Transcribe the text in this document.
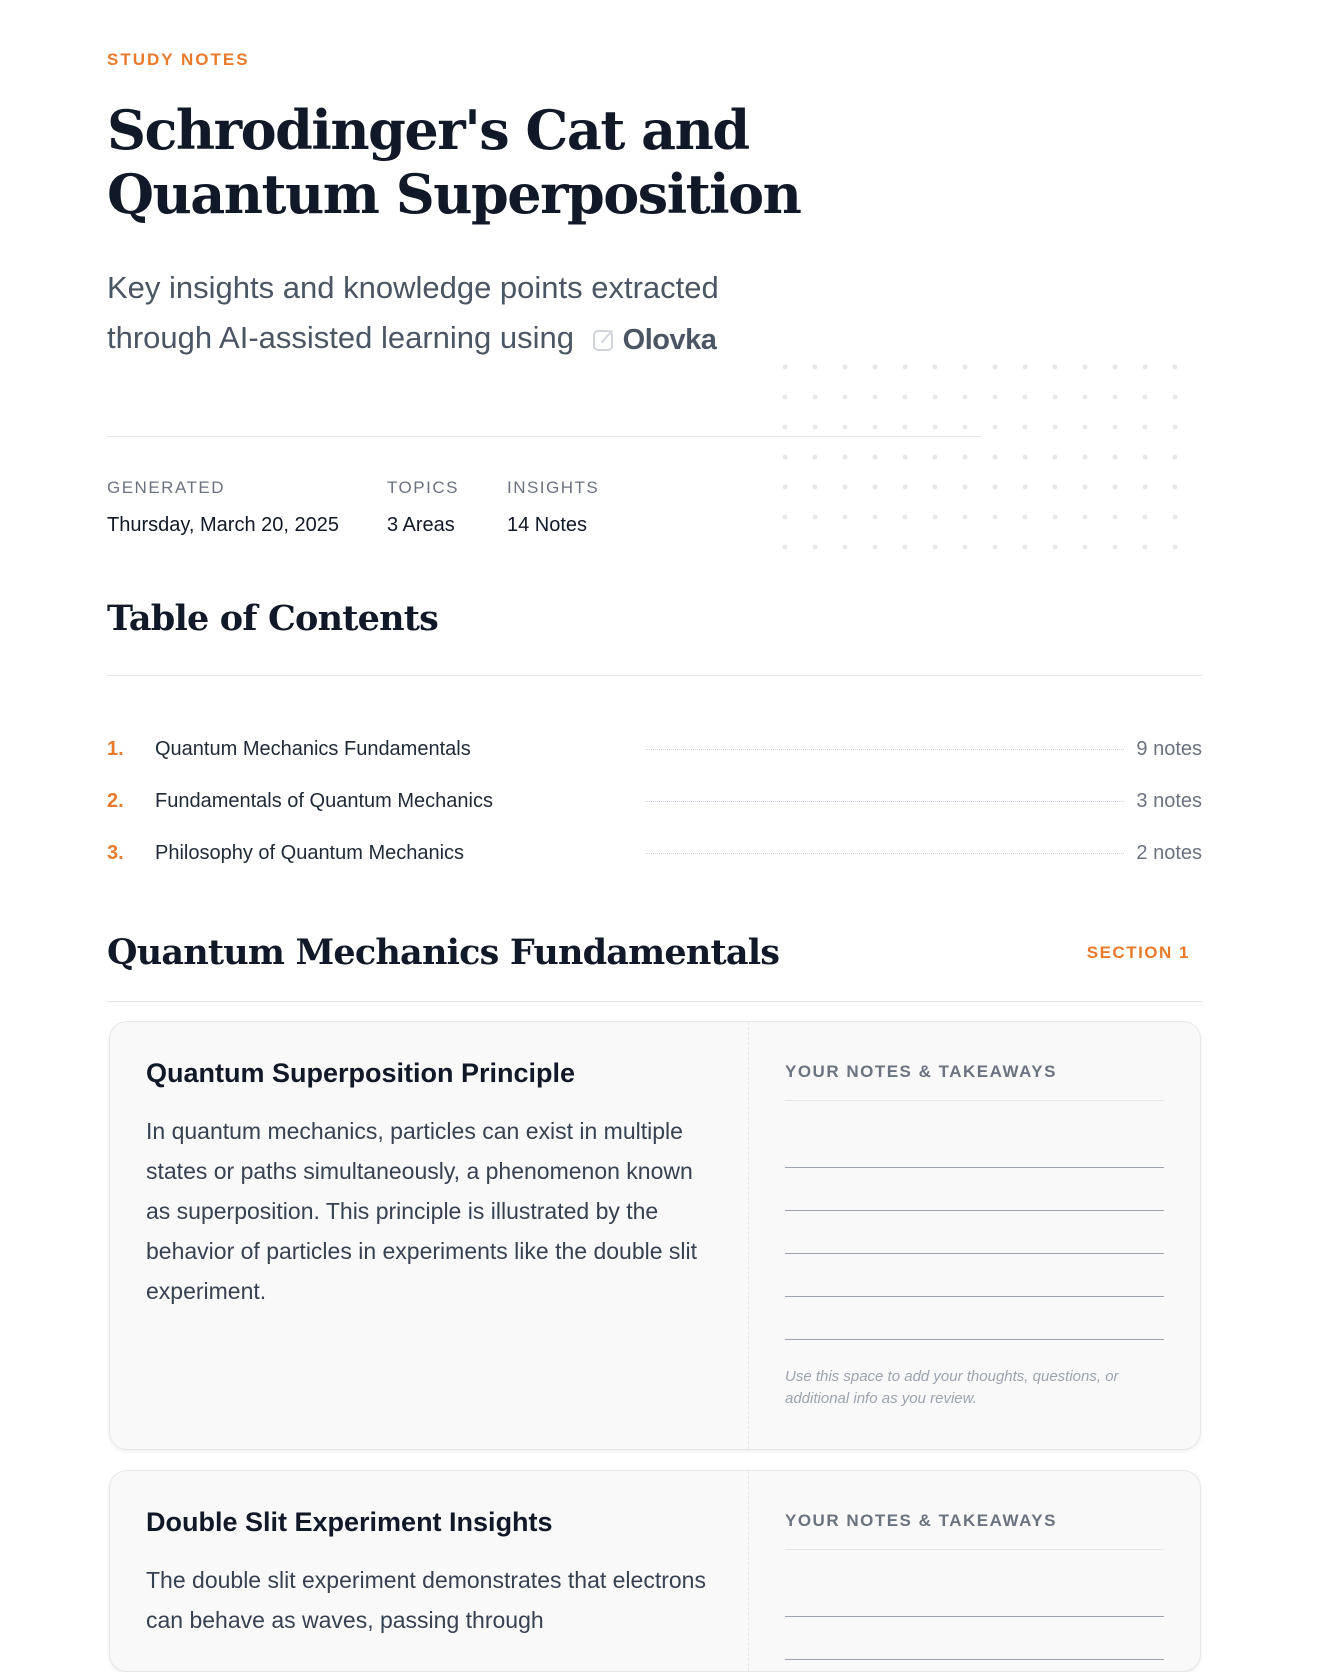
STUDY NOTES
Schrodinger's Cat and Quantum Superposition

Key insights and knowledge points extracted through AI-assisted learning using Olovka

GENERATED
Thursday, March 20, 2025
TOPICS
3 Areas
INSIGHTS
14 Notes
Table of Contents
1.	Quantum Mechanics Fundamentals	9 notes
2.	Fundamentals of Quantum Mechanics	3 notes
3.	Philosophy of Quantum Mechanics	2 notes
Quantum Mechanics Fundamentals	SECTION 1
Quantum Superposition Principle

In quantum mechanics, particles can exist in multiple states or paths simultaneously, a phenomenon known as superposition. This principle is illustrated by the behavior of particles in experiments like the double slit experiment.

YOUR NOTES & TAKEAWAYS
Use this space to add your thoughts, questions, or additional info as you review.
Double Slit Experiment Insights

The double slit experiment demonstrates that electrons can behave as waves, passing through

YOUR NOTES & TAKEAWAYS
